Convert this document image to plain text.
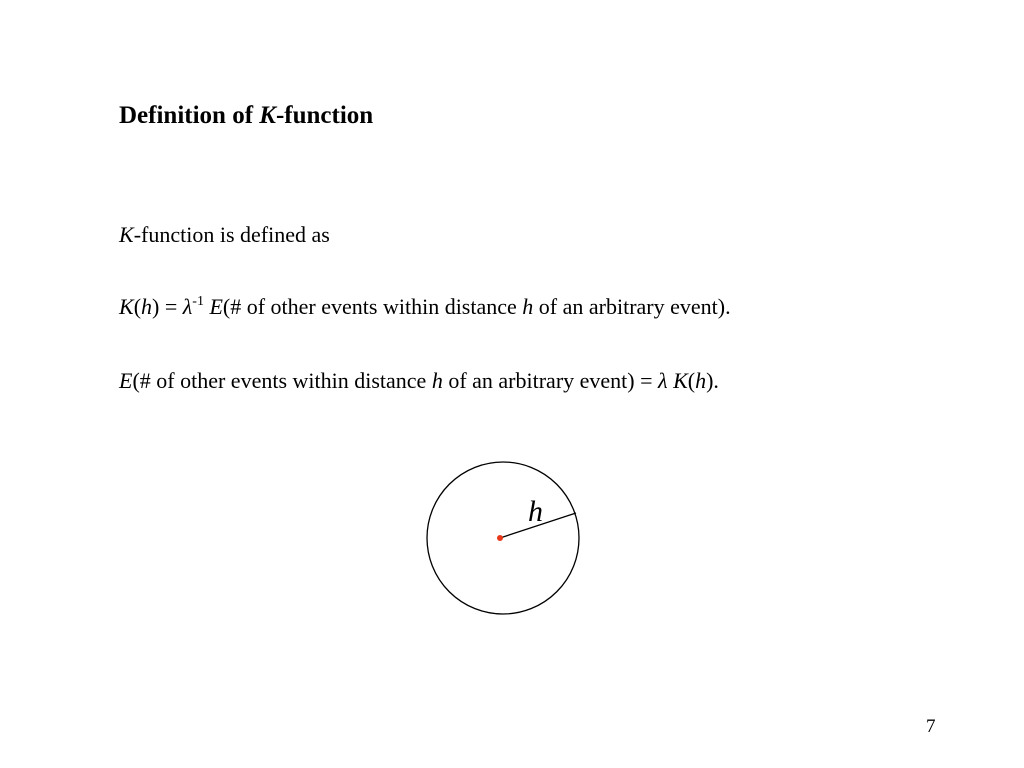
Definition of K-function
K-function is defined as
$K(h) = \lambda^{-1}$ E(# of other events within distance h of an arbitrary event).
E(# of other events within distance h of an arbitrary event) = λ K(h).
h
7
